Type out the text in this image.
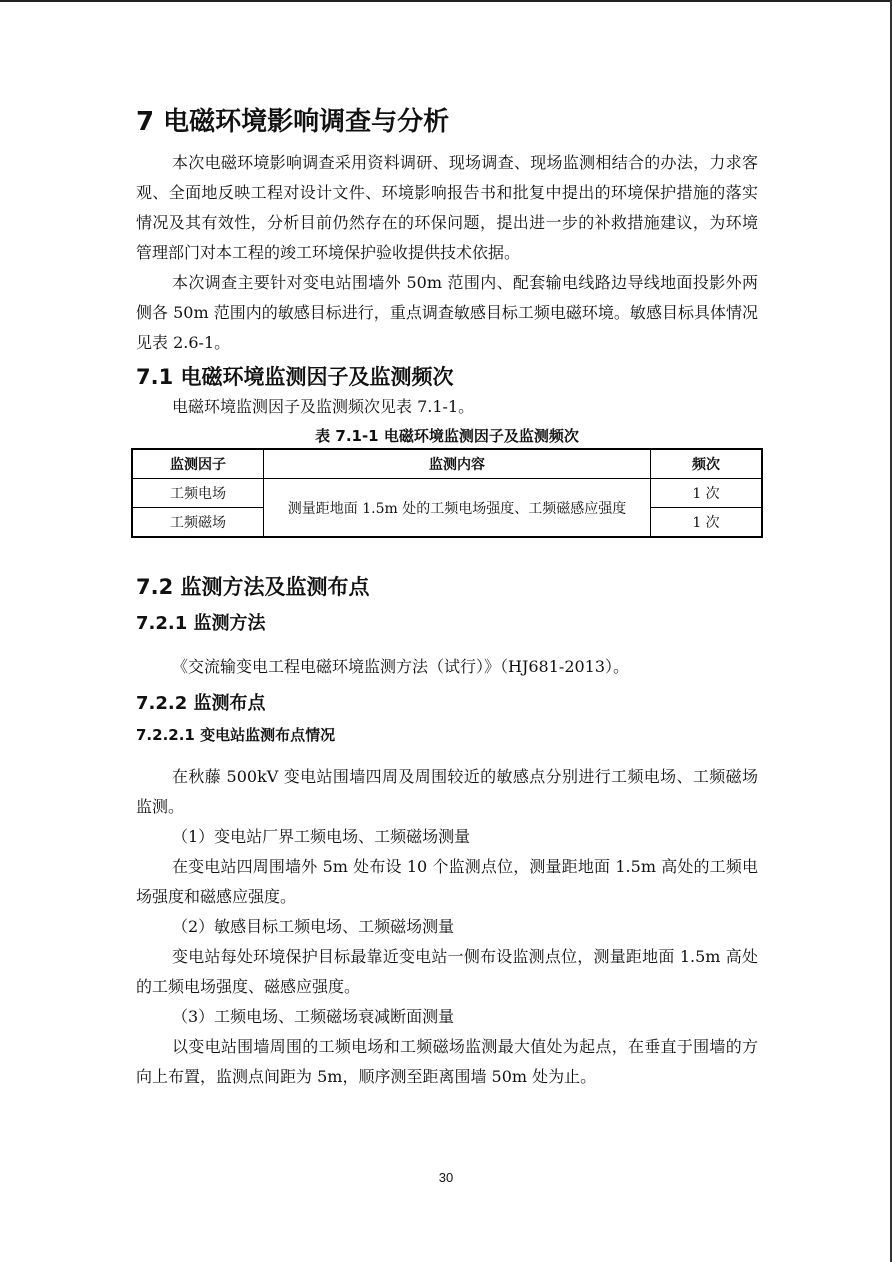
7 电磁环境影响调查与分析

本次电磁环境影响调查采用资料调研、现场调查、现场监测相结合的办法，力求客观、全面地反映工程对设计文件、环境影响报告书和批复中提出的环境保护措施的落实情况及其有效性，分析目前仍然存在的环保问题，提出进一步的补救措施建议，为环境管理部门对本工程的竣工环境保护验收提供技术依据。

本次调查主要针对变电站围墙外 50m 范围内、配套输电线路边导线地面投影外两侧各 50m 范围内的敏感目标进行，重点调查敏感目标工频电磁环境。敏感目标具体情况见表 2.6-1。

7.1 电磁环境监测因子及监测频次

电磁环境监测因子及监测频次见表 7.1-1。

表 7.1-1 电磁环境监测因子及监测频次
监测因子	监测内容	频次
工频电场	测量距地面 1.5m 处的工频电场强度、工频磁感应强度	1 次
工频磁场		1 次
7.2 监测方法及监测布点
7.2.1 监测方法

《交流输变电工程电磁环境监测方法（试行）》（HJ681-2013）。

7.2.2 监测布点
7.2.2.1 变电站监测布点情况

在秋藤 500kV 变电站围墙四周及周围较近的敏感点分别进行工频电场、工频磁场监测。

（1）变电站厂界工频电场、工频磁场测量

在变电站四周围墙外 5m 处布设 10 个监测点位，测量距地面 1.5m 高处的工频电场强度和磁感应强度。

（2）敏感目标工频电场、工频磁场测量

变电站每处环境保护目标最靠近变电站一侧布设监测点位，测量距地面 1.5m 高处的工频电场强度、磁感应强度。

（3）工频电场、工频磁场衰减断面测量

以变电站围墙周围的工频电场和工频磁场监测最大值处为起点，在垂直于围墙的方向上布置，监测点间距为 5m，顺序测至距离围墙 50m 处为止。

30
